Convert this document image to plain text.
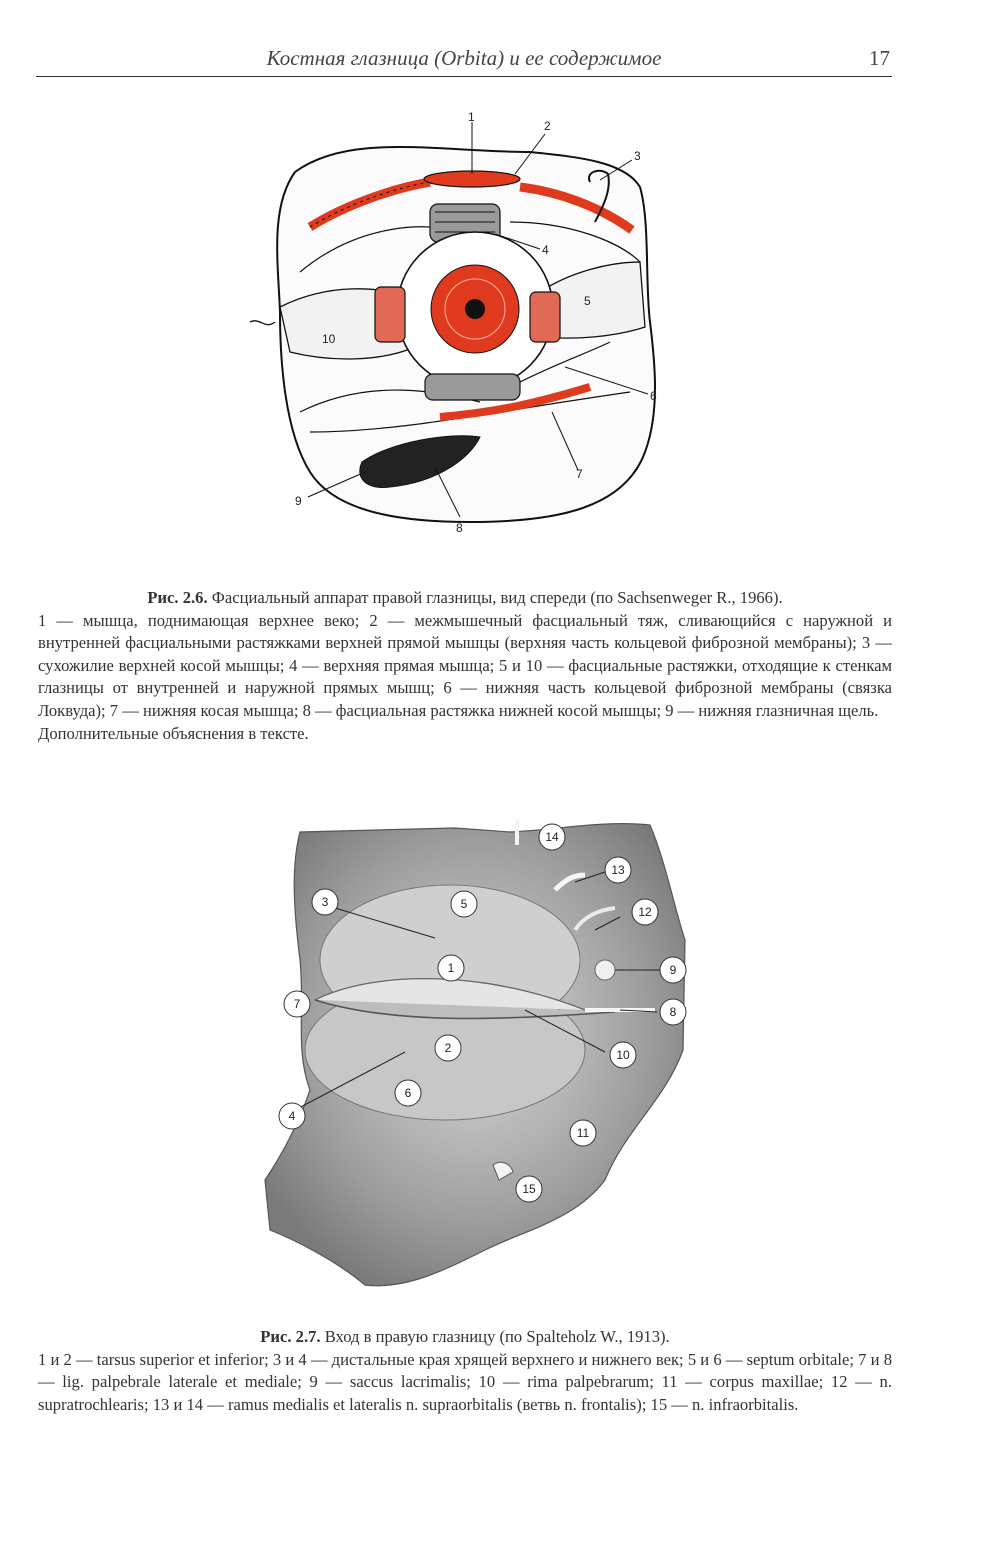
Костная глазница (Orbita) и ее содержимое	17
1
2
3
4
5
6
7
8
9
10

Рис. 2.6. Фасциальный аппарат правой глазницы, вид спереди (по Sachsenweger R., 1966).

1 — мышца, поднимающая верхнее веко; 2 — межмышечный фасциальный тяж, сливающийся с наружной и внутренней фасциальными растяжками верхней прямой мышцы (верхняя часть кольцевой фиброзной мембраны); 3 — сухожилие верхней косой мышцы; 4 — верхняя прямая мышца; 5 и 10 — фасциальные растяжки, отходящие к стенкам глазницы от внутренней и наружной прямых мышц; 6 — нижняя часть кольцевой фиброзной мембраны (связка Локвуда); 7 — нижняя косая мышца; 8 — фасциальная растяжка нижней косой мышцы; 9 — нижняя глазничная щель.

Дополнительные объяснения в тексте.

1
2
3
4
5
6
7
8
9
10
11
12
13
14
15

Рис. 2.7. Вход в правую глазницу (по Spalteholz W., 1913).

1 и 2 — tarsus superior et inferior; 3 и 4 — дистальные края хрящей верхнего и нижнего век; 5 и 6 — septum orbitale; 7 и 8 — lig. palpebrale laterale et mediale; 9 — saccus lacrimalis; 10 — rima palpebrarum; 11 — corpus maxillae; 12 — n. supratrochlearis; 13 и 14 — ramus medialis et lateralis n. supraorbitalis (ветвь n. frontalis); 15 — n. infraorbitalis.
